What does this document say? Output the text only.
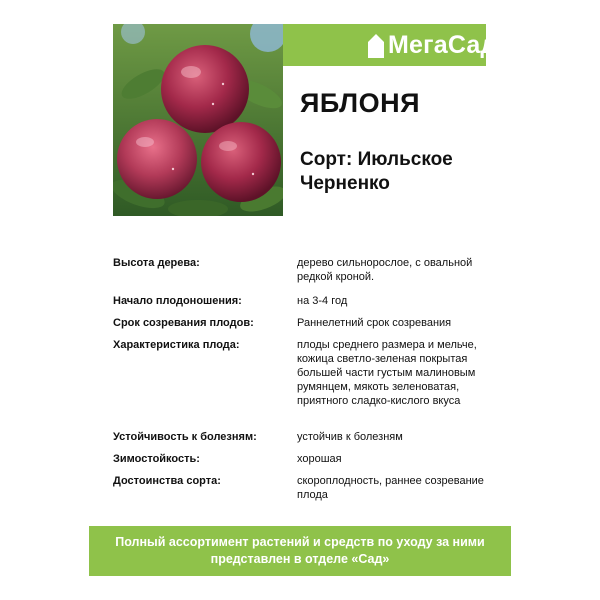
МегаСад
ЯБЛОНЯ
Сорт: Июльское
Черненко
Высота дерева:	дерево сильнорослое, с овальной редкой кроной.
Начало плодоношения:	на 3-4 год
Срок созревания плодов:	Раннелетний срок созревания
Характеристика плода:	плоды среднего размера и мельче, кожица светло-зеленая покрытая большей части густым малиновым румянцем, мякоть зеленоватая, приятного сладко-кислого вкуса
Устойчивость к болезням:	устойчив к болезням
Зимостойкость:	хорошая
Достоинства сорта:	скороплодность, раннее созревание плода
Полный ассортимент растений и средств по уходу за ними
представлен в отделе «Сад»
